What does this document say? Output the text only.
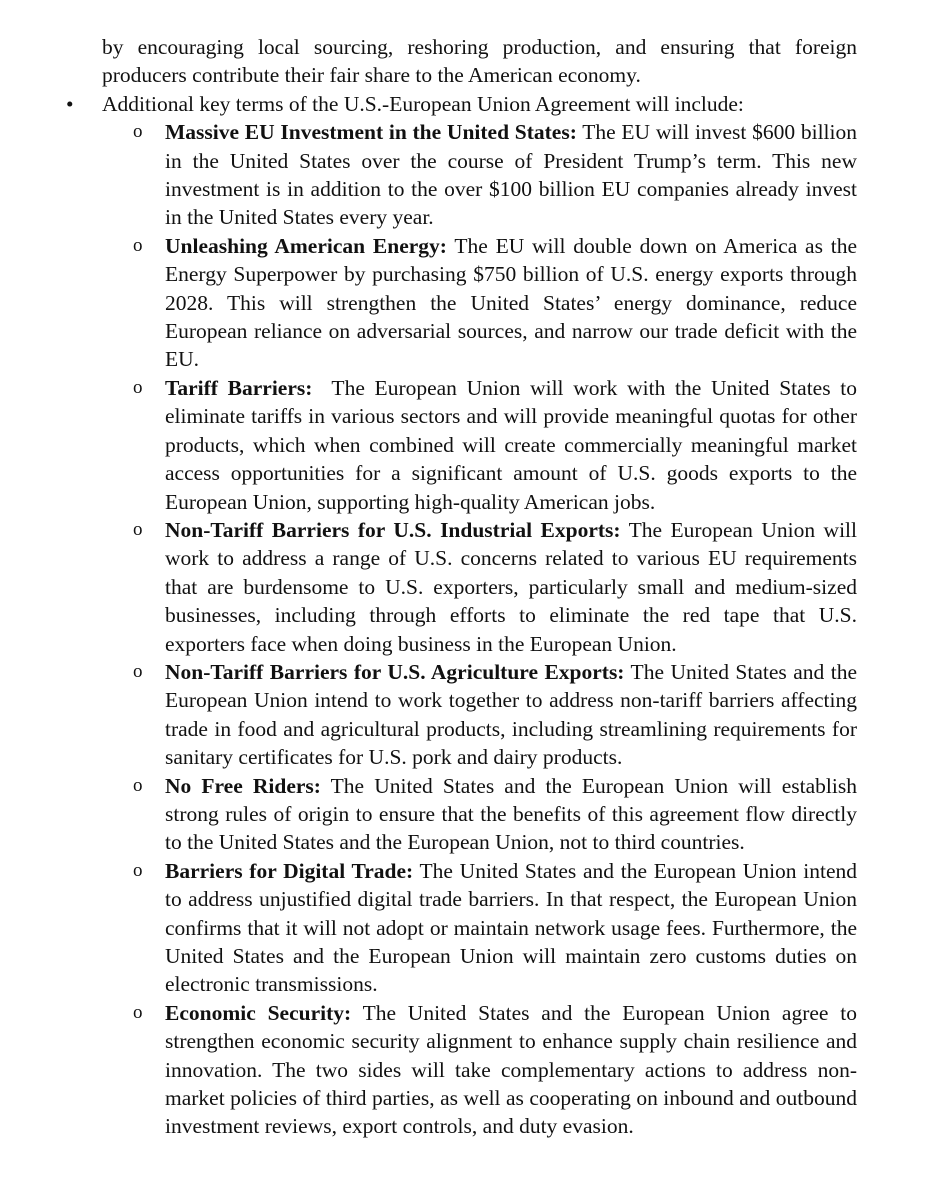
by encouraging local sourcing, reshoring production, and ensuring that foreign producers contribute their fair share to the American economy.

• Additional key terms of the U.S.-European Union Agreement will include:

o Massive EU Investment in the United States: The EU will invest $600 billion in the United States over the course of President Trump’s term. This new investment is in addition to the over $100 billion EU companies already invest in the United States every year.

o Unleashing American Energy: The EU will double down on America as the Energy Superpower by purchasing $750 billion of U.S. energy exports through 2028. This will strengthen the United States’ energy dominance, reduce European reliance on adversarial sources, and narrow our trade deficit with the EU.

o Tariff Barriers:  The European Union will work with the United States to eliminate tariffs in various sectors and will provide meaningful quotas for other products, which when combined will create commercially meaningful market access opportunities for a significant amount of U.S. goods exports to the European Union, supporting high-quality American jobs.

o Non-Tariff Barriers for U.S. Industrial Exports: The European Union will work to address a range of U.S. concerns related to various EU requirements that are burdensome to U.S. exporters, particularly small and medium-sized businesses, including through efforts to eliminate the red tape that U.S. exporters face when doing business in the European Union.

o Non-Tariff Barriers for U.S. Agriculture Exports: The United States and the European Union intend to work together to address non-tariff barriers affecting trade in food and agricultural products, including streamlining requirements for sanitary certificates for U.S. pork and dairy products.

o No Free Riders: The United States and the European Union will establish strong rules of origin to ensure that the benefits of this agreement flow directly to the United States and the European Union, not to third countries.

o Barriers for Digital Trade: The United States and the European Union intend to address unjustified digital trade barriers. In that respect, the European Union confirms that it will not adopt or maintain network usage fees. Furthermore, the United States and the European Union will maintain zero customs duties on electronic transmissions.

o Economic Security: The United States and the European Union agree to strengthen economic security alignment to enhance supply chain resilience and innovation. The two sides will take complementary actions to address non-market policies of third parties, as well as cooperating on inbound and outbound investment reviews, export controls, and duty evasion.
